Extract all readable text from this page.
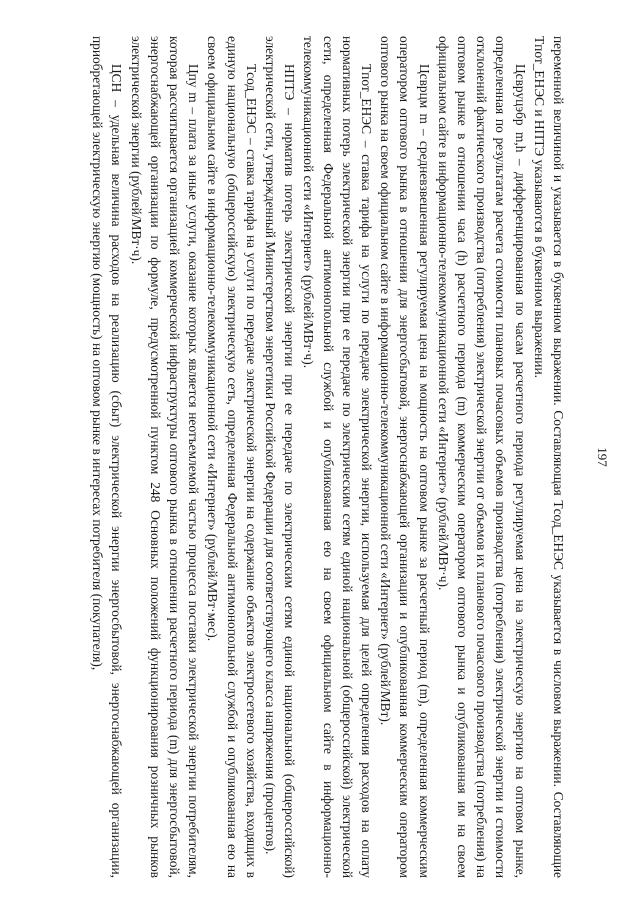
197

переменной величиной и указывается в буквенном выражении. Составляющая Tсод_ЕНЭС указывается в числовом выражении. Составляющие Tпот_ЕНЭС и НПТЭ указываются в буквенном выражении.

Цсвруцэбр m,h – дифференцированная по часам расчетного периода регулируемая цена на электрическую энергию на оптовом рынке, определенная по результатам расчета стоимости плановых почасовых объемов производства (потребления) электрической энергии и стоимости отклонений фактического производства (потребления) электрической энергии от объемов их планового почасового производства (потребления) на оптовом рынке в отношении часа (h) расчетного периода (m) коммерческим оператором оптового рынка и опубликованная им на своем официальном сайте в информационно-телекоммуникационной сети «Интернет» (рублей/МВт·ч).

Цсврцм m – средневзвешенная регулируемая цена на мощность на оптовом рынке за расчетный период (m), определенная коммерческим оператором оптового рынка в отношении для энергосбытовой, энергоснабжающей организации и опубликованная коммерческим оператором оптового рынка на своем официальном сайте в информационно-телекоммуникационной сети «Интернет» (рублей/МВт).

Tпот_ЕНЭС – ставка тарифа на услуги по передаче электрической энергии, используемая для целей определения расходов на оплату нормативных потерь электрической энергии при ее передаче по электрическим сетям единой национальной (общероссийской) электрической сети, определенная Федеральной антимонопольной службой и опубликованная ею на своем официальном сайте в информационно-телекоммуникационной сети «Интернет» (рублей/МВт·ч).

НПТЭ – норматив потерь электрической энергии при ее передаче по электрическим сетям единой национальной (общероссийской) электрической сети, утвержденный Министерством энергетики Российской Федерации для соответствующего класса напряжения (процентов).

Tсод_ЕНЭС – ставка тарифа на услуги по передаче электрической энергии на содержание объектов электросетевого хозяйства, входящих в единую национальную (общероссийскую) электрическую сеть, определенная Федеральной антимонопольной службой и опубликованная ею на своем официальном сайте в информационно-телекоммуникационной сети «Интернет» (рублей/МВт·мес).

Цпу m – плата за иные услуги, оказание которых является неотъемлемой частью процесса поставки электрической энергии потребителям, которая рассчитывается организацией коммерческой инфраструктуры оптового рынка в отношении расчетного периода (m) для энергосбытовой, энергоснабжающей организации по формуле, предусмотренной пунктом 248 Основных положений функционирования розничных рынков электрической энергии (рублей/МВт·ч).

ЦСН – удельная величина расходов на реализацию (сбыт) электрической энергии энергосбытовой, энергоснабжающей организации, приобретающей электрическую энергию (мощность) на оптовом рынке в интересах потребителя (покупателя),
